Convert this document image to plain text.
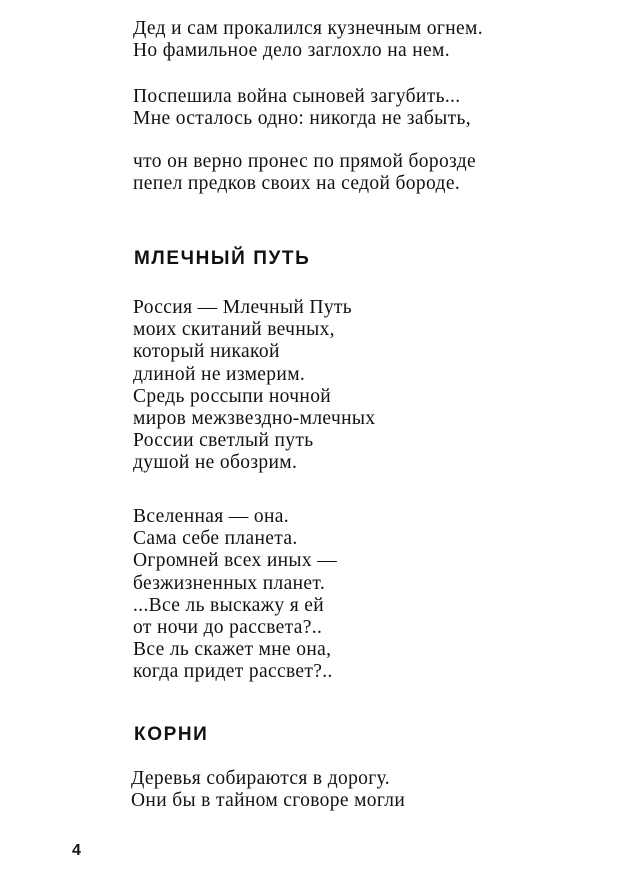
Дед и сам прокалился кузнечным огнем.
Но фамильное дело заглохло на нем.
Поспешила война сыновей загубить...
Мне осталось одно: никогда не забыть,
что он верно пронес по прямой борозде
пепел предков своих на седой бороде.
МЛЕЧНЫЙ ПУТЬ
Россия — Млечный Путь
моих скитаний вечных,
который никакой
длиной не измерим.
Средь россыпи ночной
миров межзвездно-млечных
России светлый путь
душой не обозрим.
Вселенная — она.
Сама себе планета.
Огромней всех иных —
безжизненных планет.
...Все ль выскажу я ей
от ночи до рассвета?..
Все ль скажет мне она,
когда придет рассвет?..
КОРНИ
Деревья собираются в дорогу.
Они бы в тайном сговоре могли
4
